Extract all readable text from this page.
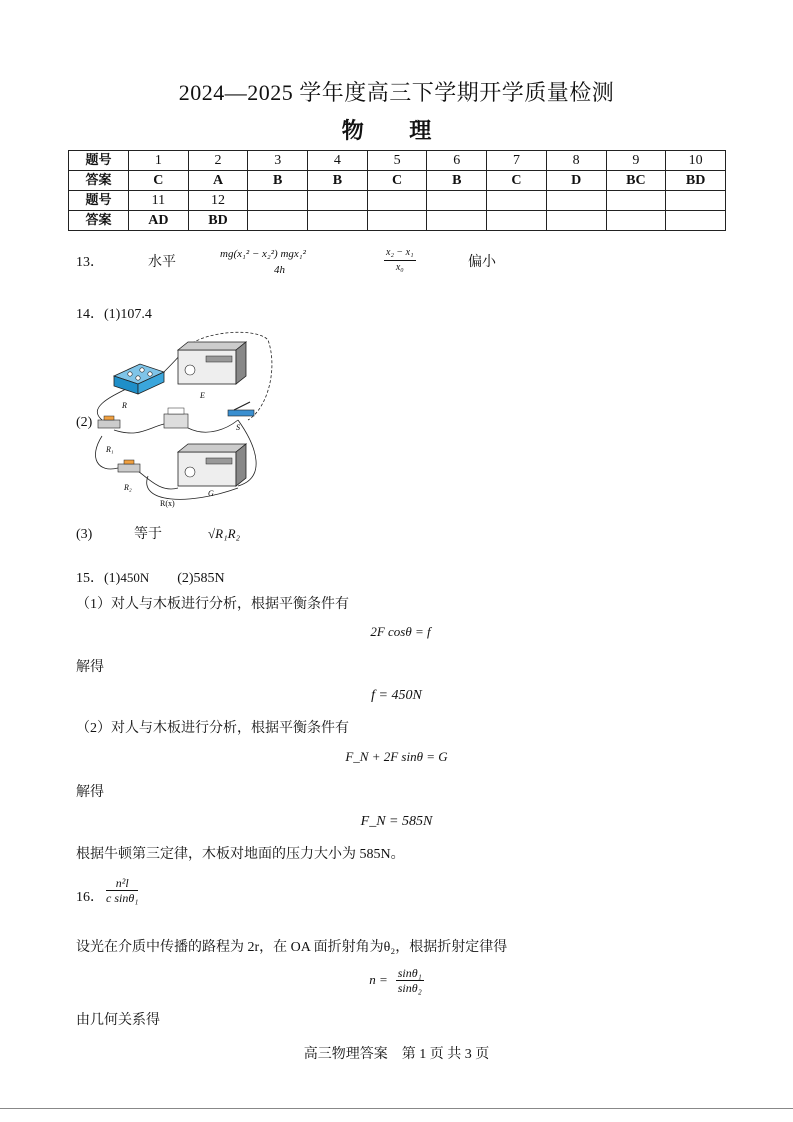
2024—2025 学年度高三下学期开学质量检测
物 理
题号	1	2	3	4	5	6	7	8	9	10
答案	C	A	B	B	C	B	C	D	BC	BD
题号	11	12								
答案	AD	BD								
13．	水平
mg(x₁² − x₂²) mgx₁²
4h	$\frac{\text{x₂ − x₁}}{\text{x₀}}$	偏小
14．(1)107.4
(2)
R
E
S
R₁
R₂
G
R(x)
(3)	等于	√R₁R₂
15．(1)450N (2)585N
（1）对人与木板进行分析，根据平衡条件有
2F cosθ = f
解得
f = 450N
（2）对人与木板进行分析，根据平衡条件有
F_N + 2F sinθ = G
解得
F_N = 585N
根据牛顿第三定律，木板对地面的压力大小为 585N。
16． $\frac{\text{n²l}}{\text{c sinθ₁}}$
设光在介质中传播的路程为 2r，在 OA 面折射角为θ₂，根据折射定律得
$n = \frac{\text{sinθ₁}}{\text{sinθ₂}}$
由几何关系得
高三物理答案　第 1 页 共 3 页
